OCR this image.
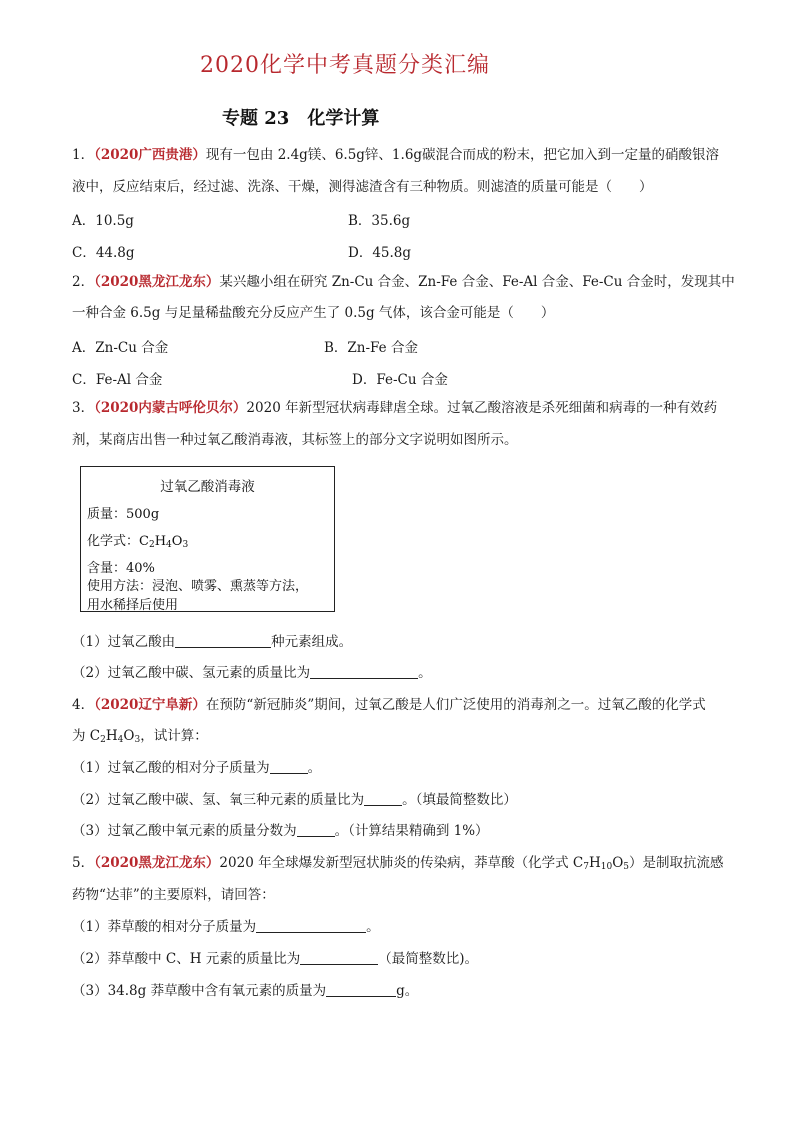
2020化学中考真题分类汇编
专题 23　化学计算
1．（2020广西贵港）现有一包由 2.4g镁、6.5g锌、1.6g碳混合而成的粉末，把它加入到一定量的硝酸银溶
液中，反应结束后，经过滤、洗涤、干燥，测得滤渣含有三种物质。则滤渣的质量可能是（　　）
A．10.5g	B．35.6g
C．44.8g	D．45.8g
2．（2020黑龙江龙东）某兴趣小组在研究 Zn-Cu 合金、Zn-Fe 合金、Fe-Al 合金、Fe-Cu 合金时，发现其中
一种合金 6.5g 与足量稀盐酸充分反应产生了 0.5g 气体，该合金可能是（　　）
A．Zn-Cu 合金	B．Zn-Fe 合金
C．Fe-Al 合金	D．Fe-Cu 合金
3．（2020内蒙古呼伦贝尔）2020 年新型冠状病毒肆虐全球。过氧乙酸溶液是杀死细菌和病毒的一种有效药
剂，某商店出售一种过氧乙酸消毒液，其标签上的部分文字说明如图所示。
过氧乙酸消毒液
质量：500g
化学式：$C_2H_4O_3$
含量：40%
使用方法：浸泡、喷雾、熏蒸等方法，
用水稀择后使用
（1）过氧乙酸由	种元素组成。
（2）过氧乙酸中碳、氢元素的质量比为	。
4．（2020辽宁阜新）在预防“新冠肺炎”期间，过氧乙酸是人们广泛使用的消毒剂之一。过氧乙酸的化学式
为 $C_2H_4O_3$，试计算：
（1）过氧乙酸的相对分子质量为	。
（2）过氧乙酸中碳、氢、氧三种元素的质量比为	。（填最简整数比）
（3）过氧乙酸中氧元素的质量分数为	。（计算结果精确到 1%）
5．（2020黑龙江龙东）2020 年全球爆发新型冠状肺炎的传染病，莽草酸（化学式 $C_7H_{10}O_5$）是制取抗流感
药物“达菲”的主要原料，请回答：
（1）莽草酸的相对分子质量为	。
（2）莽草酸中 C、H 元素的质量比为	（最简整数比)。
（3）34.8g 莽草酸中含有氧元素的质量为	g。
